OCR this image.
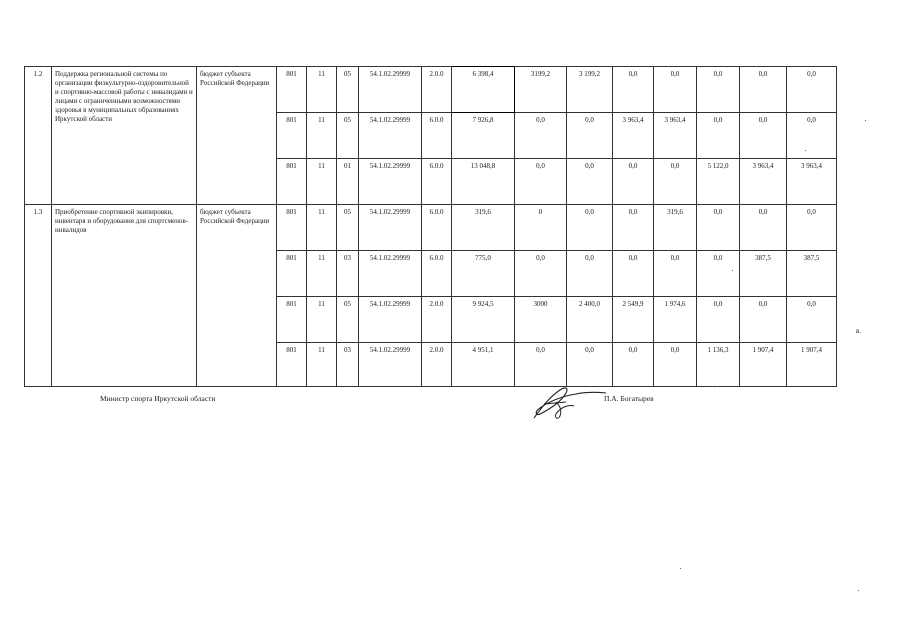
1.2	Поддержка региональной системы по организации физкультурно-оздоровительной и спортивно-массовой работы с инвалидами и лицами с ограниченными возможностями здоровья в муниципальных образованиях Иркутской области	бюджет субъекта Российской Федерации	801	11	05	54.1.02.29999	2.0.0	6 398,4	3199,2	3 199,2	0,0	0,0	0,0	0,0	0,0
			801	11	05	54.1.02.29999	6.0.0	7 926,8	0,0	0,0	3 963,4	3 963,4	0,0	0,0	0,0
			801	11	01	54.1.02.29999	6.0.0	13 048,8	0,0	0,0	0,0	0,0	5 122,0	3 963,4	3 963,4
1.3	Приобретение спортивной экипировки, инвентаря и оборудования для спортсменов-инвалидов	бюджет субъекта Российской Федерации	801	11	05	54.1.02.29999	6.0.0	319,6	0	0,0	0,0	319,6	0,0	0,0	0,0
			801	11	03	54.1.02.29999	6.0.0	775,0	0,0	0,0	0,0	0,0	0,0	387,5	387,5
			801	11	05	54.1.02.29999	2.0.0	9 924,5	3000	2 400,0	2 549,9	1 974,6	0,0	0,0	0,0
			801	11	03	54.1.02.29999	2.0.0	4 951,1	0,0	0,0	0,0	0,0	1 136,3	1 907,4	1 907,4
Министр спорта Иркутской области	П.А. Богатырев
в.
